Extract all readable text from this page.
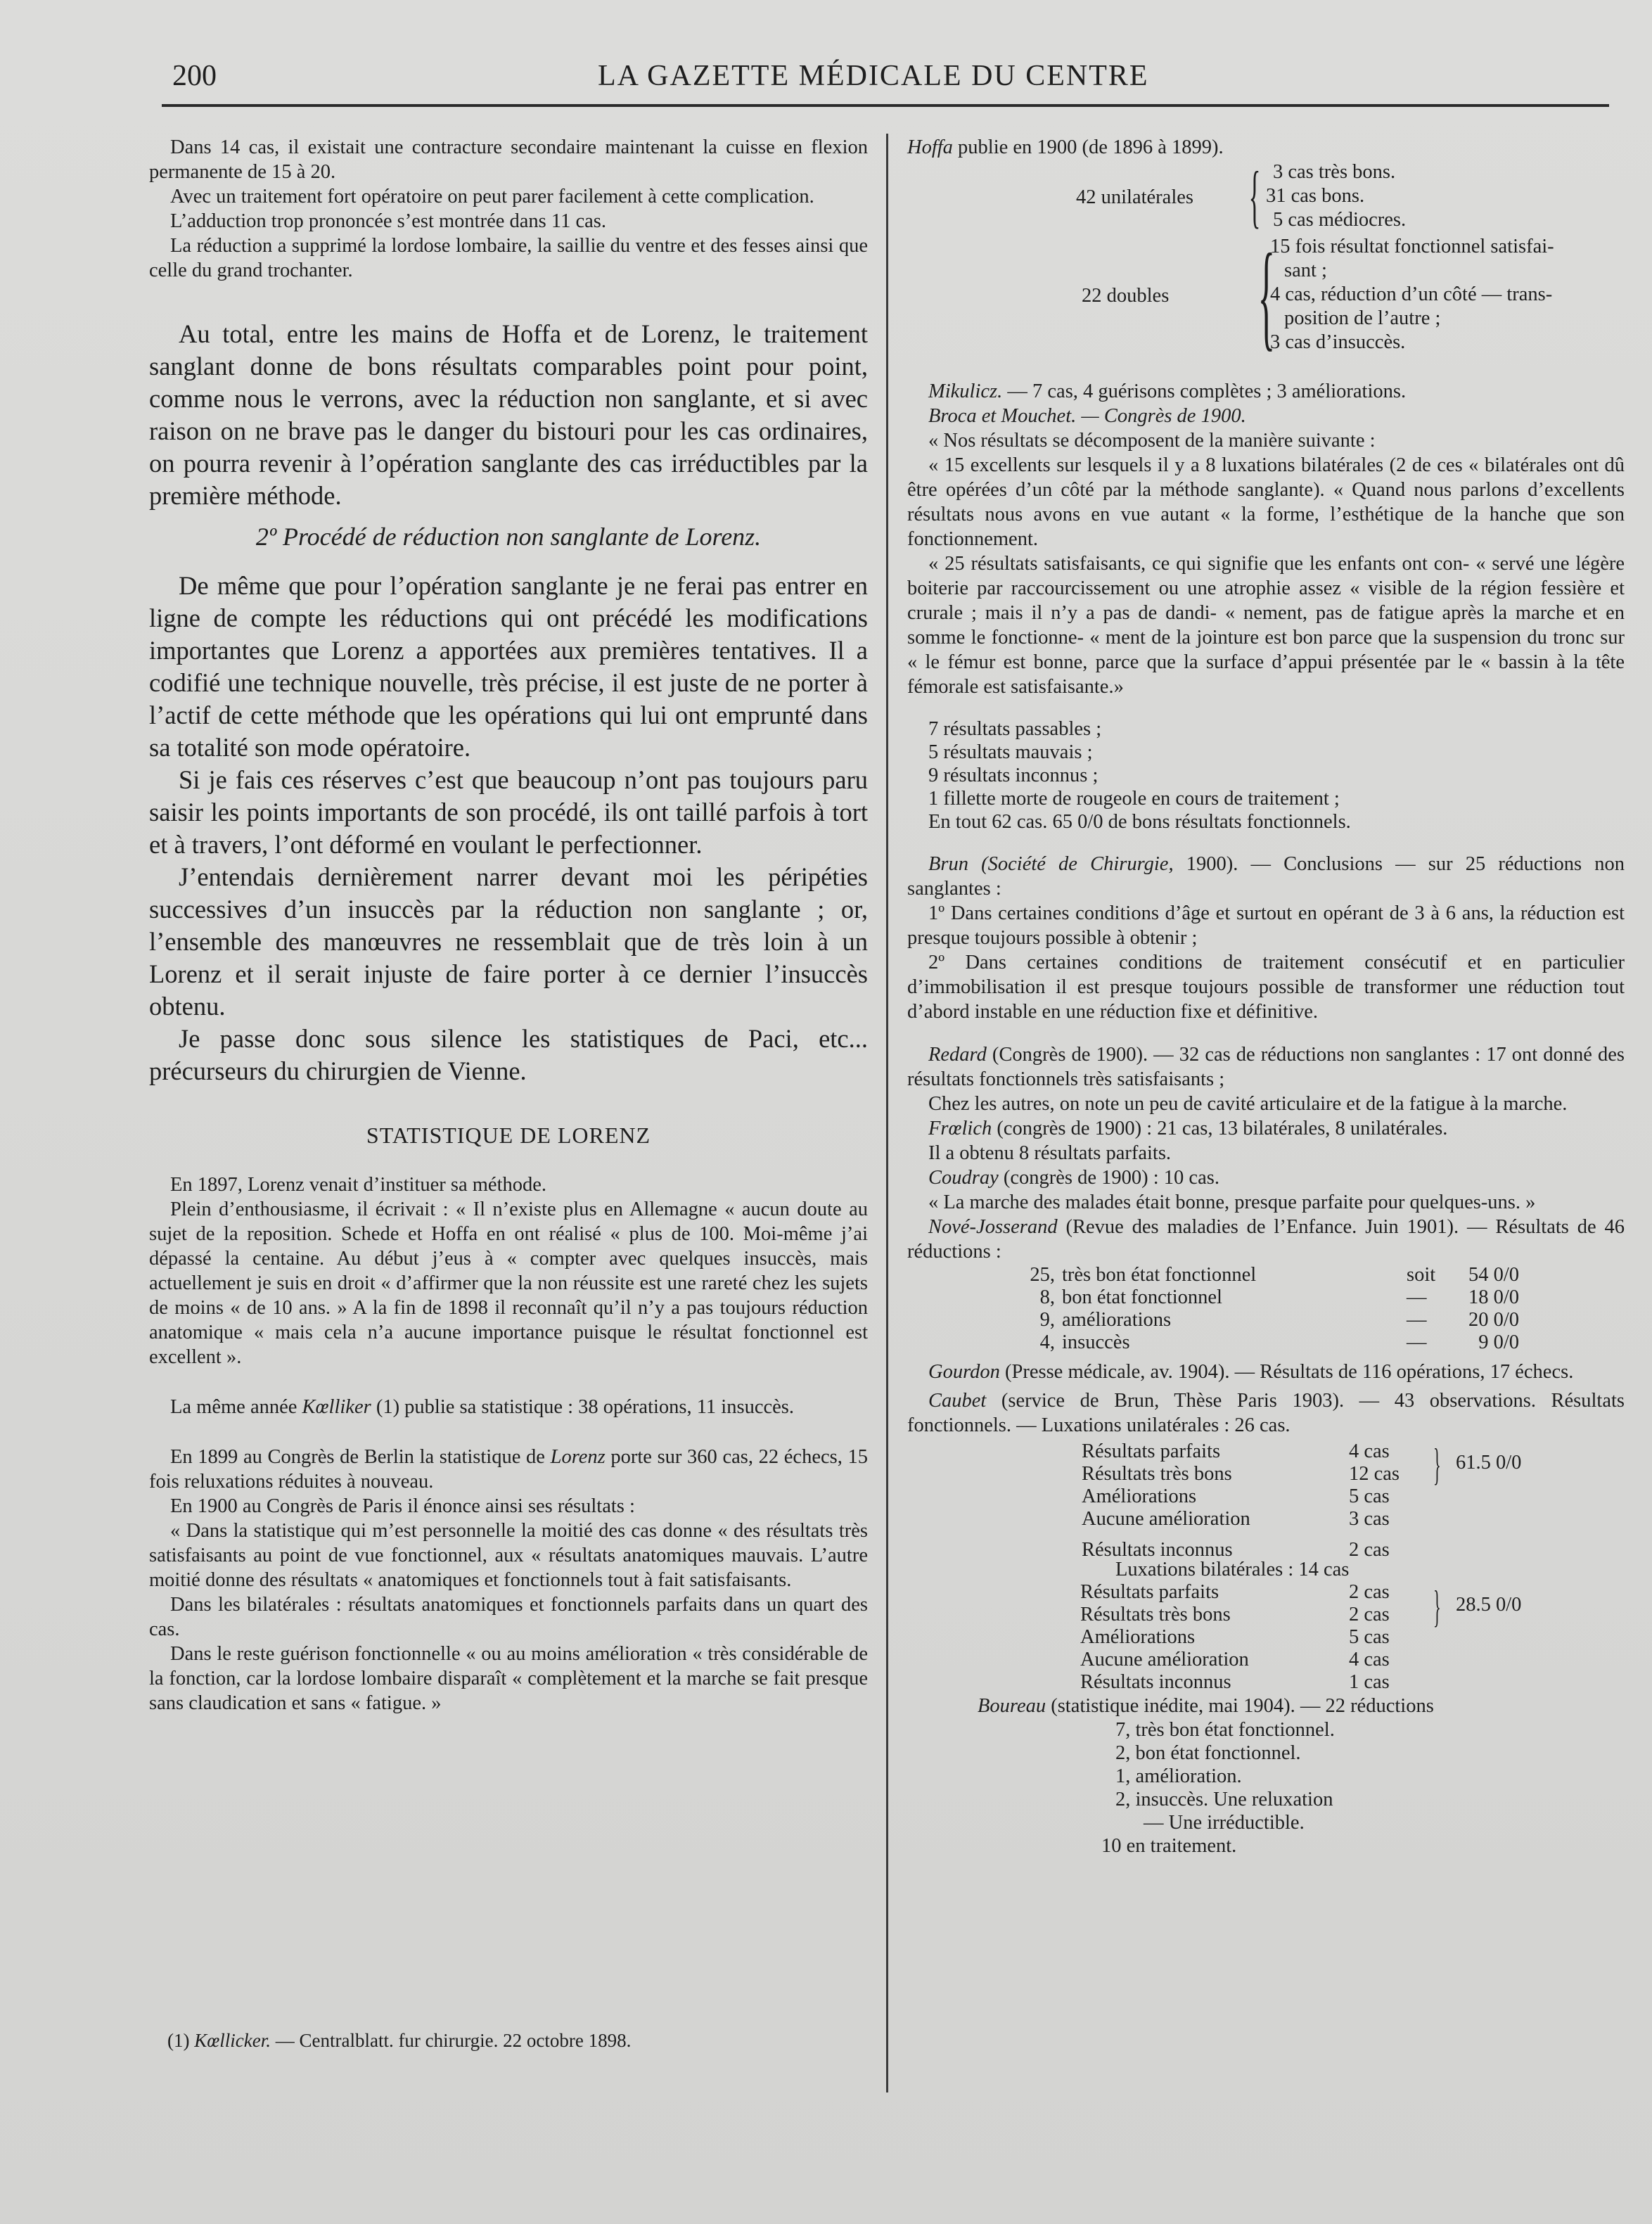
200	LA GAZETTE MÉDICALE DU CENTRE

Dans 14 cas, il existait une contracture secondaire maintenant la cuisse en flexion permanente de 15 à 20.

Avec un traitement fort opératoire on peut parer facilement à cette complication.

L’adduction trop prononcée s’est montrée dans 11 cas.

La réduction a supprimé la lordose lombaire, la saillie du ventre et des fesses ainsi que celle du grand trochanter.

Au total, entre les mains de Hoffa et de Lorenz, le traitement sanglant donne de bons résultats comparables point pour point, comme nous le verrons, avec la réduction non sanglante, et si avec raison on ne brave pas le danger du bistouri pour les cas ordinaires, on pourra revenir à l’opération sanglante des cas irréductibles par la première méthode.

2º Procédé de réduction non sanglante de Lorenz.

De même que pour l’opération sanglante je ne ferai pas entrer en ligne de compte les réductions qui ont précédé les modifications importantes que Lorenz a apportées aux premières tentatives. Il a codifié une technique nouvelle, très précise, il est juste de ne porter à l’actif de cette méthode que les opérations qui lui ont emprunté dans sa totalité son mode opératoire.

Si je fais ces réserves c’est que beaucoup n’ont pas toujours paru saisir les points importants de son procédé, ils ont taillé parfois à tort et à travers, l’ont déformé en voulant le perfectionner.

J’entendais dernièrement narrer devant moi les péripéties successives d’un insuccès par la réduction non sanglante ; or, l’ensemble des manœuvres ne ressemblait que de très loin à un Lorenz et il serait injuste de faire porter à ce dernier l’insuccès obtenu.

Je passe donc sous silence les statistiques de Paci, etc... précurseurs du chirurgien de Vienne.

STATISTIQUE DE LORENZ

En 1897, Lorenz venait d’instituer sa méthode.

Plein d’enthousiasme, il écrivait : « Il n’existe plus en Allemagne « aucun doute au sujet de la reposition. Schede et Hoffa en ont réalisé « plus de 100. Moi-même j’ai dépassé la centaine. Au début j’eus à « compter avec quelques insuccès, mais actuellement je suis en droit « d’affirmer que la non réussite est une rareté chez les sujets de moins « de 10 ans. » A la fin de 1898 il reconnaît qu’il n’y a pas toujours réduction anatomique « mais cela n’a aucune importance puisque le résultat fonctionnel est excellent ».

La même année Kœlliker (1) publie sa statistique : 38 opérations, 11 insuccès.

En 1899 au Congrès de Berlin la statistique de Lorenz porte sur 360 cas, 22 échecs, 15 fois reluxations réduites à nouveau.

En 1900 au Congrès de Paris il énonce ainsi ses résultats :

« Dans la statistique qui m’est personnelle la moitié des cas donne « des résultats très satisfaisants au point de vue fonctionnel, aux « résultats anatomiques mauvais. L’autre moitié donne des résultats « anatomiques et fonctionnels tout à fait satisfaisants.

Dans les bilatérales : résultats anatomiques et fonctionnels parfaits dans un quart des cas.

Dans le reste guérison fonctionnelle « ou au moins amélioration « très considérable de la fonction, car la lordose lombaire disparaît « complètement et la marche se fait presque sans claudication et sans « fatigue. »

(1) Kœllicker. — Centralblatt. fur chirurgie. 22 octobre 1898.

Hoffa publie en 1900 (de 1896 à 1899).

42 unilatérales { 3 cas très bons.
31 cas bons.
5 cas médiocres.
22 doubles {
15 fois résultat fonctionnel satisfai-
sant ;
4 cas, réduction d’un côté — trans-
position de l’autre ;
3 cas d’insuccès.

Mikulicz. — 7 cas, 4 guérisons complètes ; 3 améliorations.

Broca et Mouchet. — Congrès de 1900.

« Nos résultats se décomposent de la manière suivante :

« 15 excellents sur lesquels il y a 8 luxations bilatérales (2 de ces « bilatérales ont dû être opérées d’un côté par la méthode sanglante). « Quand nous parlons d’excellents résultats nous avons en vue autant « la forme, l’esthétique de la hanche que son fonctionnement.

« 25 résultats satisfaisants, ce qui signifie que les enfants ont con- « servé une légère boiterie par raccourcissement ou une atrophie assez « visible de la région fessière et crurale ; mais il n’y a pas de dandi- « nement, pas de fatigue après la marche et en somme le fonctionne- « ment de la jointure est bon parce que la suspension du tronc sur « le fémur est bonne, parce que la surface d’appui présentée par le « bassin à la tête fémorale est satisfaisante.»

7 résultats passables ;
5 résultats mauvais ;
9 résultats inconnus ;
1 fillette morte de rougeole en cours de traitement ;
En tout 62 cas. 65 0/0 de bons résultats fonctionnels.

Brun (Société de Chirurgie, 1900). — Conclusions — sur 25 réductions non sanglantes :

1º Dans certaines conditions d’âge et surtout en opérant de 3 à 6 ans, la réduction est presque toujours possible à obtenir ;

2º Dans certaines conditions de traitement consécutif et en particulier d’immobilisation il est presque toujours possible de transformer une réduction tout d’abord instable en une réduction fixe et définitive.

Redard (Congrès de 1900). — 32 cas de réductions non sanglantes : 17 ont donné des résultats fonctionnels très satisfaisants ;

Chez les autres, on note un peu de cavité articulaire et de la fatigue à la marche.

Frœlich (congrès de 1900) : 21 cas, 13 bilatérales, 8 unilatérales.

Il a obtenu 8 résultats parfaits.

Coudray (congrès de 1900) : 10 cas.

« La marche des malades était bonne, presque parfaite pour quelques-uns. »

Nové-Josserand (Revue des maladies de l’Enfance. Juin 1901). — Résultats de 46 réductions :

25,	très bon état fonctionnel	soit	54 0/0
8,	bon état fonctionnel	—	18 0/0
9,	améliorations	—	20 0/0
4,	insuccès	—	9 0/0

Gourdon (Presse médicale, av. 1904). — Résultats de 116 opérations, 17 échecs.

Caubet (service de Brun, Thèse Paris 1903). — 43 observations. Résultats fonctionnels. — Luxations unilatérales : 26 cas.

Résultats parfaits	4 cas
Résultats très bons	12 cas
Améliorations	5 cas
Aucune amélioration	3 cas
Résultats inconnus	2 cas
} 61.5 0/0
Luxations bilatérales : 14 cas
Résultats parfaits	2 cas
Résultats très bons	2 cas
Améliorations	5 cas
Aucune amélioration	4 cas
Résultats inconnus	1 cas
} 28.5 0/0

Boureau (statistique inédite, mai 1904). — 22 réductions

7, très bon état fonctionnel.
2, bon état fonctionnel.
1, amélioration.
2, insuccès. Une reluxation
— Une irréductible.
10 en traitement.
